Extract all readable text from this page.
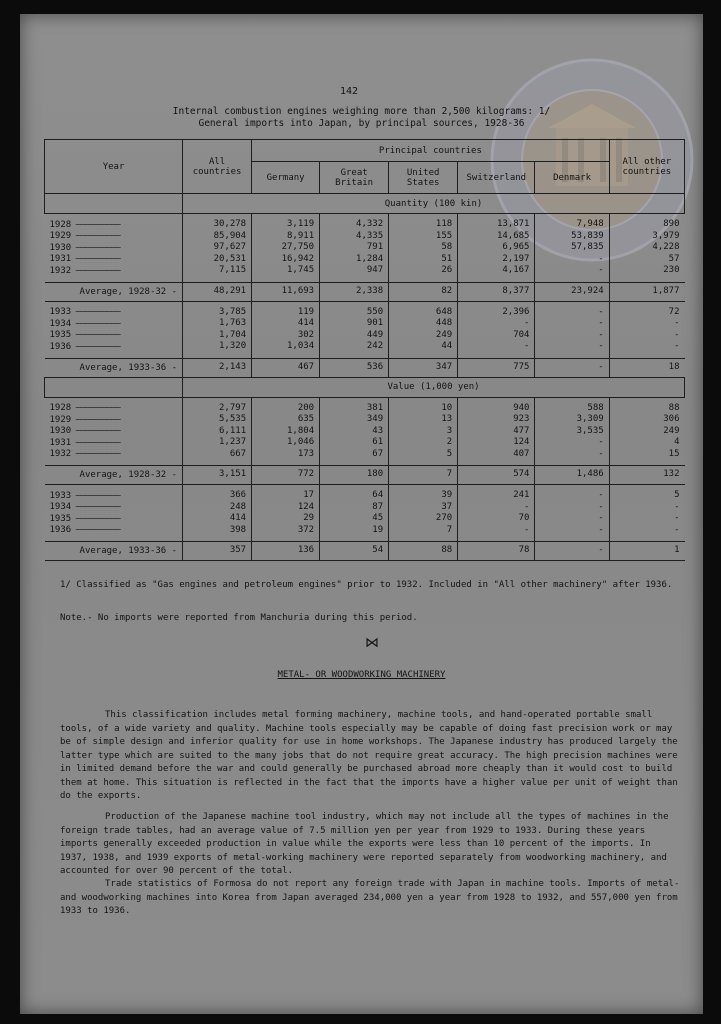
142
Internal combustion engines weighing more than 2,500 kilograms: 1/
General imports into Japan, by principal sources, 1928-36
Year	All countries	Principal countries					All other countries
		Germany	Great Britain	United States	Switzerland	Denmark	
	Quantity (100 kin)						

1928 —————	30,278	3,119	4,332	118	13,871	7,948	890
1929 —————	85,904	8,911	4,335	155	14,685	53,839	3,979
1930 —————	97,627	27,750	791	58	6,965	57,835	4,228
1931 —————	20,531	16,942	1,284	51	2,197	-	57
1932 —————	7,115	1,745	947	26	4,167	-	230

Average, 1928-32 -	48,291	11,693	2,338	82	8,377	23,924	1,877

1933 —————	3,785	119	550	648	2,396	-	72
1934 —————	1,763	414	901	448	-	-	-
1935 —————	1,704	302	449	249	704	-	-
1936 —————	1,320	1,034	242	44	-	-	-

Average, 1933-36 -	2,143	467	536	347	775	-	18
	Value (1,000 yen)						

1928 —————	2,797	200	381	10	940	588	88
1929 —————	5,535	635	349	13	923	3,309	306
1930 —————	6,111	1,804	43	3	477	3,535	249
1931 —————	1,237	1,046	61	2	124	-	4
1932 —————	667	173	67	5	407	-	15

Average, 1928-32 -	3,151	772	180	7	574	1,486	132

1933 —————	366	17	64	39	241	-	5
1934 —————	248	124	87	37	-	-	-
1935 —————	414	29	45	270	70	-	-
1936 —————	398	372	19	7	-	-	-

Average, 1933-36 -	357	136	54	88	78	-	1
1/ Classified as "Gas engines and petroleum engines" prior to 1932. Included in "All other machinery" after 1936.
Note.- No imports were reported from Manchuria during this period.
⋈
METAL- OR WOODWORKING MACHINERY
This classification includes metal forming machinery, machine tools, and hand-operated portable small tools, of a wide variety and quality. Machine tools especially may be capable of doing fast precision work or may be of simple design and inferior quality for use in home workshops. The Japanese industry has produced largely the latter type which are suited to the many jobs that do not require great accuracy. The high precision machines were in limited demand before the war and could generally be purchased abroad more cheaply than it would cost to build them at home. This situation is reflected in the fact that the imports have a higher value per unit of weight than do the exports.
Production of the Japanese machine tool industry, which may not include all the types of machines in the foreign trade tables, had an average value of 7.5 million yen per year from 1929 to 1933. During these years imports generally exceeded production in value while the exports were less than 10 percent of the imports. In 1937, 1938, and 1939 exports of metal-working machinery were reported separately from woodworking machinery, and accounted for over 90 percent of the total.
Trade statistics of Formosa do not report any foreign trade with Japan in machine tools. Imports of metal- and woodworking machines into Korea from Japan averaged 234,000 yen a year from 1928 to 1932, and 557,000 yen from 1933 to 1936.
